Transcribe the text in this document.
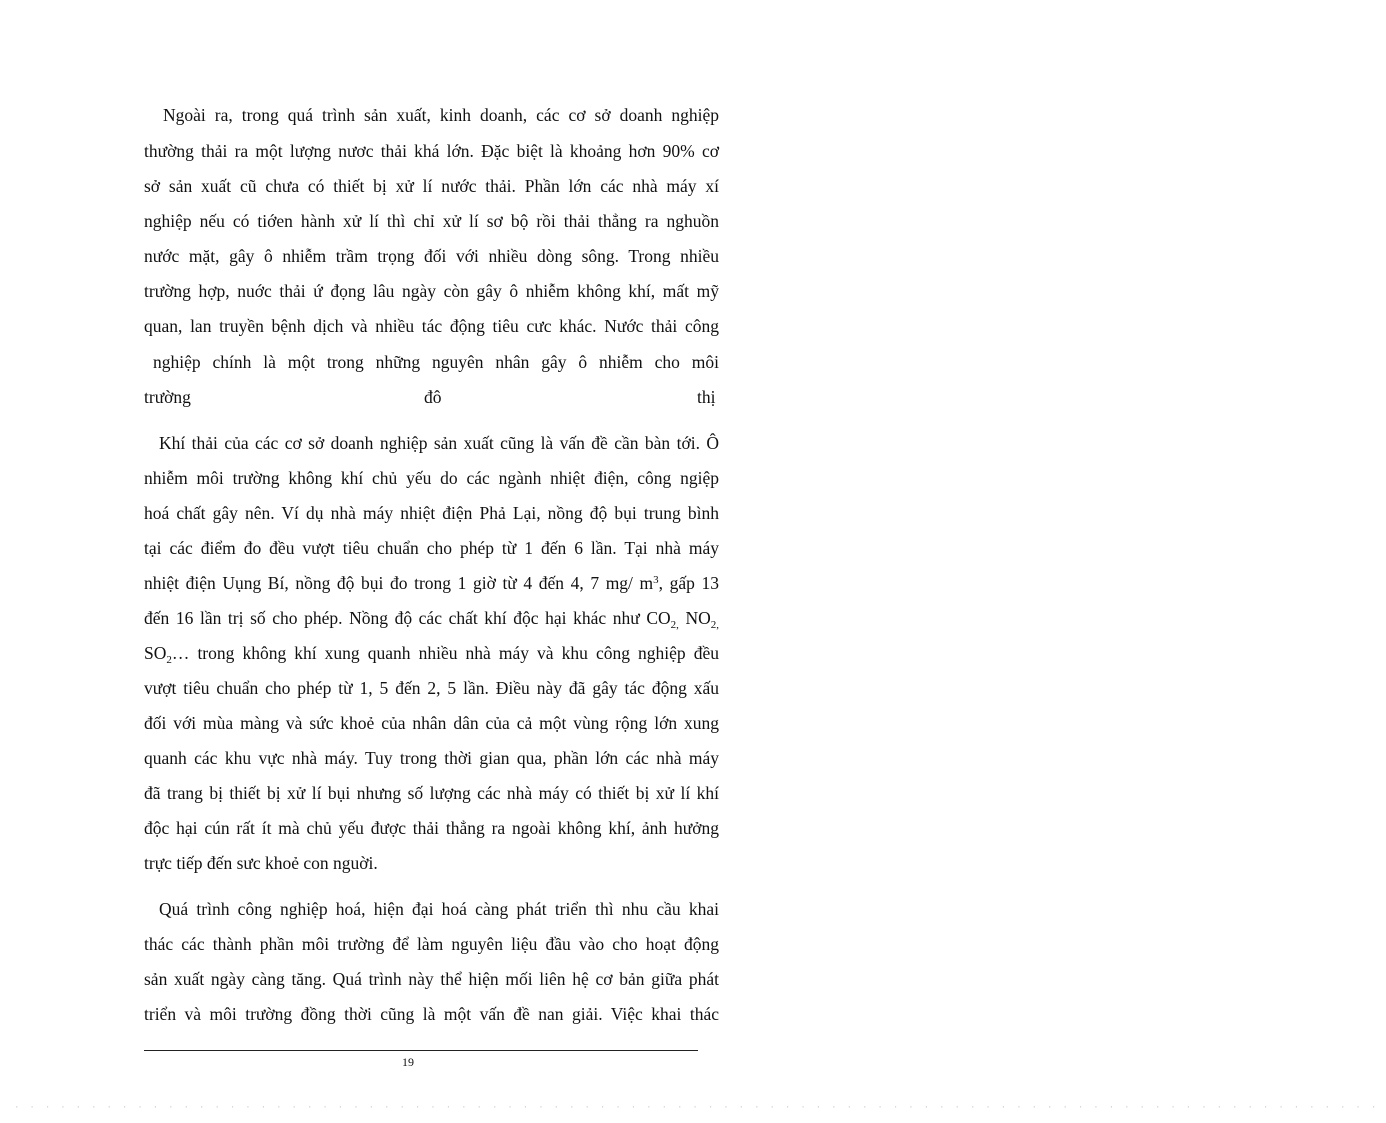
Ngoài ra, trong quá trình sản xuất, kinh doanh, các cơ sở doanh nghiệp
thường thải ra một lượng nươc thải khá lớn. Đặc biệt là khoảng hơn 90% cơ
sở sản xuất cũ chưa có thiết bị xử lí nước thải. Phần lớn các nhà máy xí
nghiệp nếu có tiớen hành xử lí thì chỉ xử lí sơ bộ rồi thải thẳng ra nghuồn
nước mặt, gây ô nhiễm trầm trọng đối với nhiều dòng sông. Trong nhiều
trường hợp, nuớc thải ứ đọng lâu ngày còn gây ô nhiễm không khí, mất mỹ
quan, lan truyền bệnh dịch và nhiều tác động tiêu cưc khác. Nước thải công
nghiệp chính là một trong những nguyên nhân gây ô nhiễm cho môi
trường	đô	thị
Khí thải của các cơ sở doanh nghiệp sản xuất cũng là vấn đề cần bàn tới. Ô
nhiễm môi trường không khí chủ yếu do các ngành nhiệt điện, công ngiệp
hoá chất gây nên. Ví dụ nhà máy nhiệt điện Phả Lại, nồng độ bụi trung bình
tại các điểm đo đều vượt tiêu chuẩn cho phép từ 1 đến 6 lần. Tại nhà máy
nhiệt điện Uụng Bí, nồng độ bụi đo trong 1 giờ từ 4 đến 4, 7 mg/ $m^3$, gấp 13
đến 16 lần trị số cho phép. Nồng độ các chất khí độc hại khác như $CO_{2,}$ $NO_{2,}$
$SO_2\dots$ trong không khí xung quanh nhiều nhà máy và khu công nghiệp đều
vượt tiêu chuẩn cho phép từ 1, 5 đến 2, 5 lần. Điều này đã gây tác động xấu
đối với mùa màng và sức khoẻ của nhân dân của cả một vùng rộng lớn xung
quanh các khu vực nhà máy. Tuy trong thời gian qua, phần lớn các nhà máy
đã trang bị thiết bị xử lí bụi nhưng số lượng các nhà máy có thiết bị xử lí khí
độc hại cún rất ít mà chủ yếu được thải thẳng ra ngoài không khí, ảnh hưởng
trực tiếp đến sưc khoẻ con nguời.
Quá trình công nghiệp hoá, hiện đại hoá càng phát triển thì nhu cầu khai
thác các thành phần môi trường để làm nguyên liệu đầu vào cho hoạt động
sản xuất ngày càng tăng. Quá trình này thể hiện mối liên hệ cơ bản giữa phát
triển và môi trường đồng thời cũng là một vấn đề nan giải. Việc khai thác
19
·························································································
